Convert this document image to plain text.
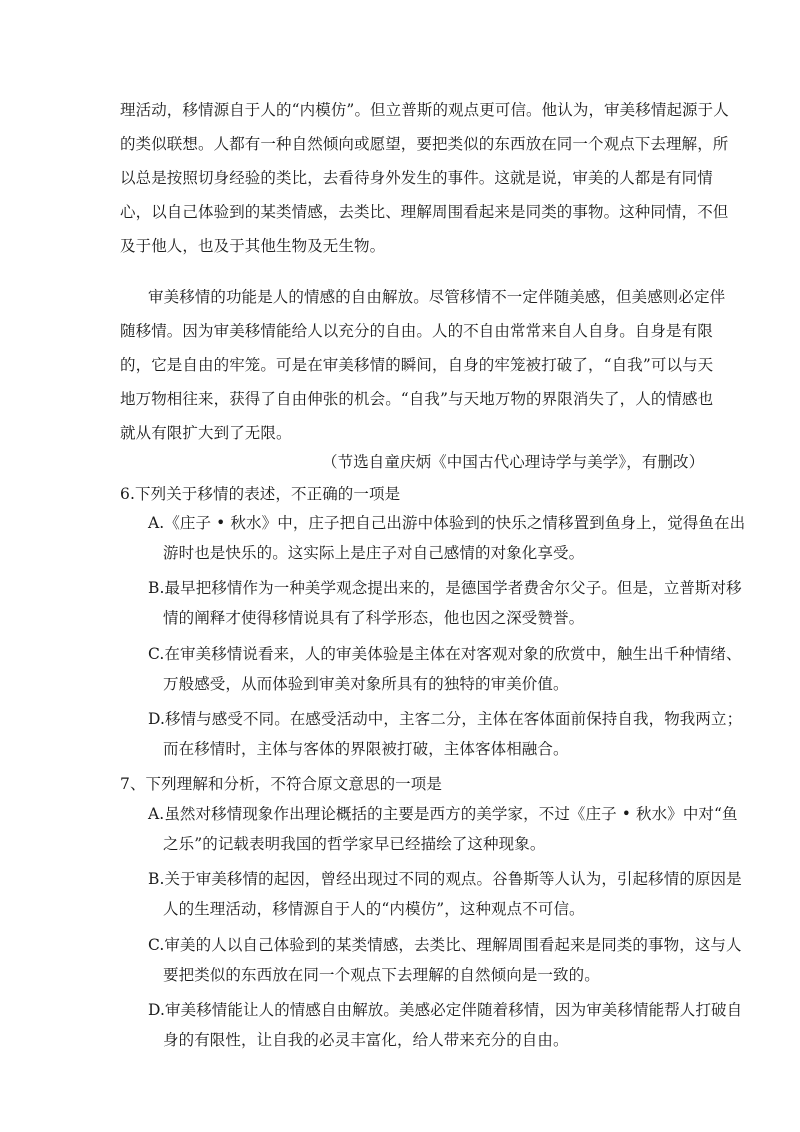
理活动，移情源自于人的“内模仿”。但立普斯的观点更可信。他认为，审美移情起源于人
的类似联想。人都有一种自然倾向或愿望，要把类似的东西放在同一个观点下去理解，所
以总是按照切身经验的类比，去看待身外发生的事件。这就是说，审美的人都是有同情
心，以自己体验到的某类情感，去类比、理解周围看起来是同类的事物。这种同情，不但
及于他人，也及于其他生物及无生物。
审美移情的功能是人的情感的自由解放。尽管移情不一定伴随美感，但美感则必定伴
随移情。因为审美移情能给人以充分的自由。人的不自由常常来自人自身。自身是有限
的，它是自由的牢笼。可是在审美移情的瞬间，自身的牢笼被打破了，“自我”可以与天
地万物相往来，获得了自由伸张的机会。“自我”与天地万物的界限消失了，人的情感也
就从有限扩大到了无限。
（节选自童庆炳《中国古代心理诗学与美学》，有删改）
6.下列关于移情的表述，不正确的一项是
A.《庄子 • 秋水》中，庄子把自己出游中体验到的快乐之情移置到鱼身上，觉得鱼在出
游时也是快乐的。这实际上是庄子对自己感情的对象化享受。
B.最早把移情作为一种美学观念提出来的，是德国学者费舍尔父子。但是，立普斯对移
情的阐释才使得移情说具有了科学形态，他也因之深受赞誉。
C.在审美移情说看来，人的审美体验是主体在对客观对象的欣赏中，触生出千种情绪、
万般感受，从而体验到审美对象所具有的独特的审美价值。
D.移情与感受不同。在感受活动中，主客二分，主体在客体面前保持自我，物我两立；
而在移情时，主体与客体的界限被打破，主体客体相融合。
7、下列理解和分析，不符合原文意思的一项是
A.虽然对移情现象作出理论概括的主要是西方的美学家，不过《庄子 • 秋水》中对“鱼
之乐”的记载表明我国的哲学家早已经描绘了这种现象。
B.关于审美移情的起因，曾经出现过不同的观点。谷鲁斯等人认为，引起移情的原因是
人的生理活动，移情源自于人的“内模仿”，这种观点不可信。
C.审美的人以自己体验到的某类情感，去类比、理解周围看起来是同类的事物，这与人
要把类似的东西放在同一个观点下去理解的自然倾向是一致的。
D.审美移情能让人的情感自由解放。美感必定伴随着移情，因为审美移情能帮人打破自
身的有限性，让自我的必灵丰富化，给人带来充分的自由。
